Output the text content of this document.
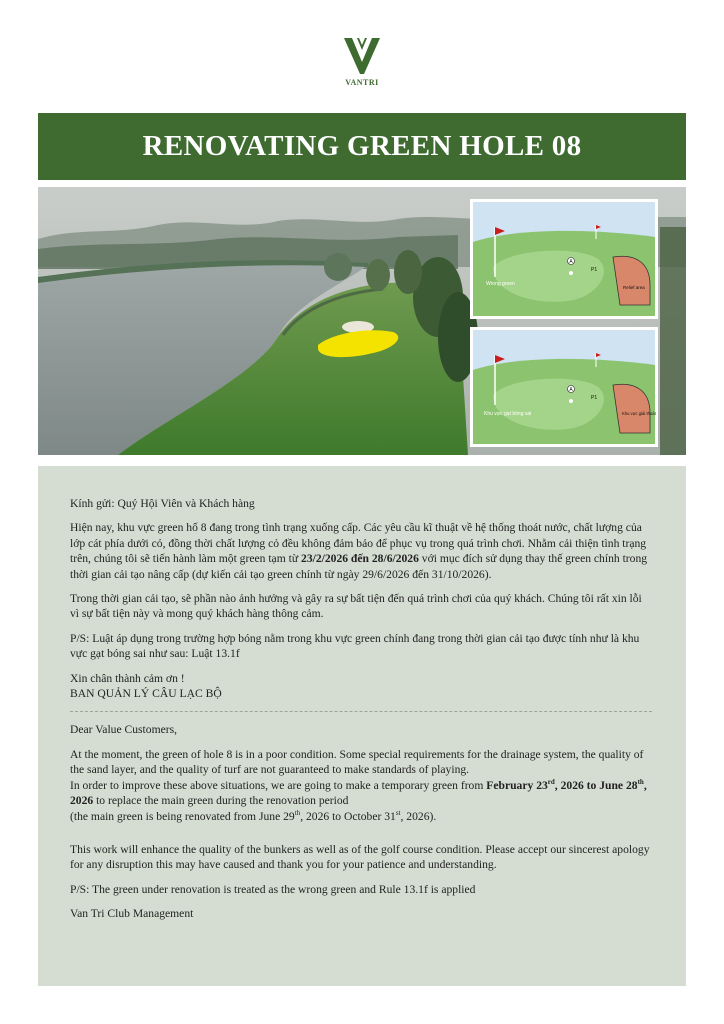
VANTRI
RENOVATING GREEN HOLE 08
A
P1
Wrong green
Relief area
A
P1
Khu vực gạt bóng sai	Khu vực giải thoát

Kính gửi: Quý Hội Viên và Khách hàng

Hiện nay, khu vực green hố 8 đang trong tình trạng xuống cấp. Các yêu cầu kĩ thuật về hệ thống thoát nước, chất lượng của lớp cát phía dưới cỏ, đồng thời chất lượng cỏ đều không đảm bảo để phục vụ trong quá trình chơi. Nhằm cải thiện tình trạng trên, chúng tôi sẽ tiến hành làm một green tạm từ 23/2/2026 đến 28/6/2026 với mục đích sử dụng thay thế green chính trong thời gian cải tạo nâng cấp (dự kiến cải tạo green chính từ ngày 29/6/2026 đến 31/10/2026).

Trong thời gian cải tạo, sẽ phần nào ảnh hưởng và gây ra sự bất tiện đến quá trình chơi của quý khách. Chúng tôi rất xin lỗi vì sự bất tiện này và mong quý khách hàng thông cảm.

P/S: Luật áp dụng trong trường hợp bóng nằm trong khu vực green chính đang trong thời gian cải tạo được tính như là khu vực gạt bóng sai như sau: Luật 13.1f

Xin chân thành cảm ơn !
BAN QUẢN LÝ CÂU LẠC BỘ

Dear Value Customers,

At the moment, the green of hole 8 is in a poor condition. Some special requirements for the drainage system, the quality of the sand layer, and the quality of turf are not guaranteed to make standards of playing.

In order to improve these above situations, we are going to make a temporary green from February 23rd, 2026 to June 28th, 2026 to replace the main green during the renovation period

(the main green is being renovated from June 29th, 2026 to October 31st, 2026).

This work will enhance the quality of the bunkers as well as of the golf course condition. Please accept our sincerest apology for any disruption this may have caused and thank you for your patience and understanding.

P/S: The green under renovation is treated as the wrong green and Rule 13.1f is applied

Van Tri Club Management
